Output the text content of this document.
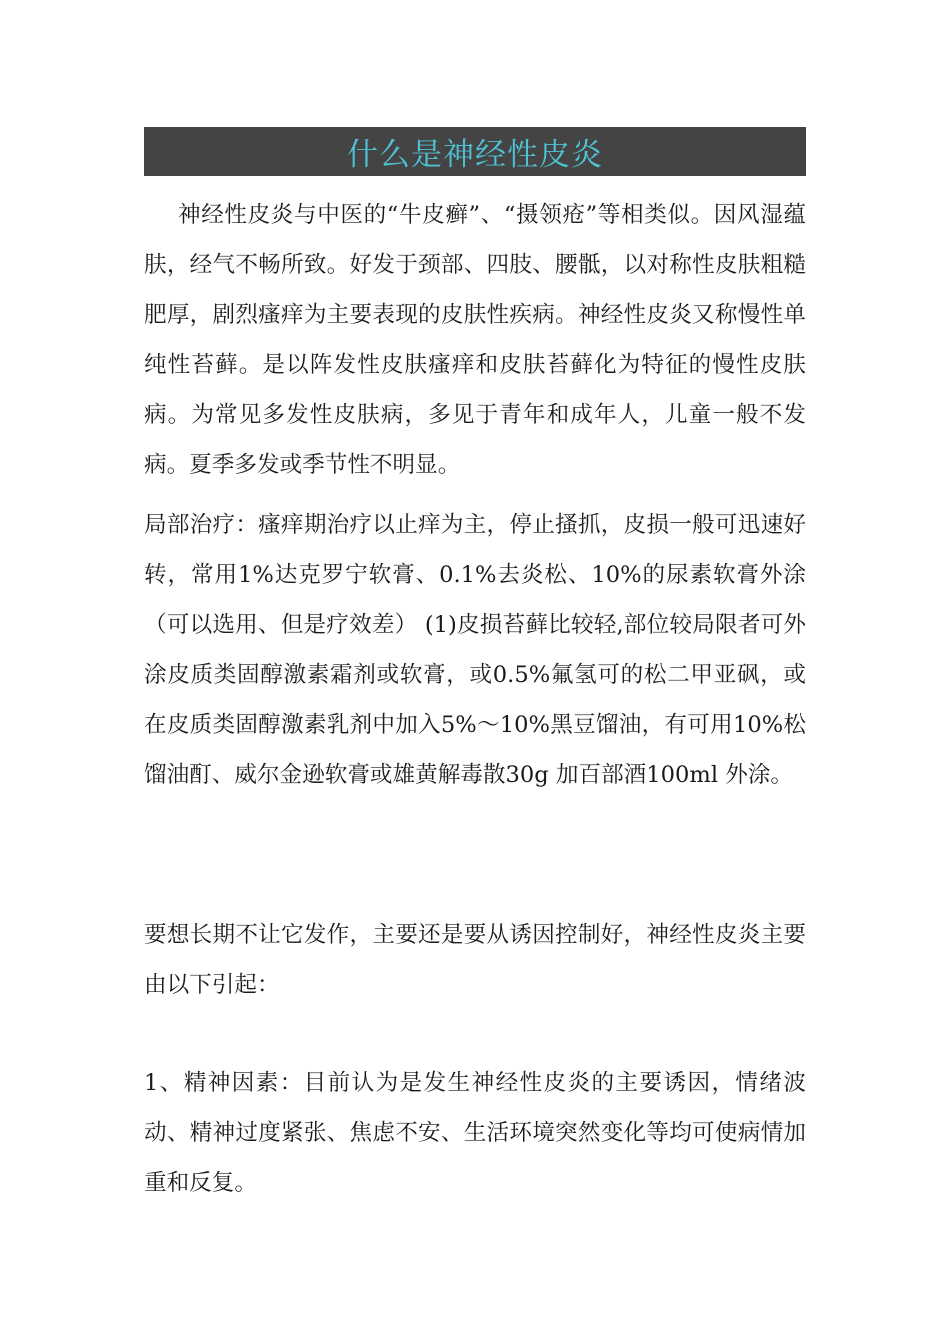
什么是神经性皮炎

神经性皮炎与中医的“牛皮癣”、“摄领疮”等相类似。因风湿蕴肤，经气不畅所致。好发于颈部、四肢、腰骶，以对称性皮肤粗糙肥厚，剧烈瘙痒为主要表现的皮肤性疾病。神经性皮炎又称慢性单纯性苔藓。是以阵发性皮肤瘙痒和皮肤苔藓化为特征的慢性皮肤病。为常见多发性皮肤病，多见于青年和成年人，儿童一般不发病。夏季多发或季节性不明显。

局部治疗：瘙痒期治疗以止痒为主，停止搔抓，皮损一般可迅速好转，常用1%达克罗宁软膏、0.1%去炎松、10%的尿素软膏外涂（可以选用、但是疗效差） (1)皮损苔藓比较轻,部位较局限者可外涂皮质类固醇激素霜剂或软膏，或0.5%氟氢可的松二甲亚砜，或在皮质类固醇激素乳剂中加入5%～10%黑豆馏油，有可用10%松馏油酊、威尔金逊软膏或雄黄解毒散30g 加百部酒100ml 外涂。

要想长期不让它发作，主要还是要从诱因控制好，神经性皮炎主要由以下引起：

1、精神因素：目前认为是发生神经性皮炎的主要诱因，情绪波动、精神过度紧张、焦虑不安、生活环境突然变化等均可使病情加重和反复。
